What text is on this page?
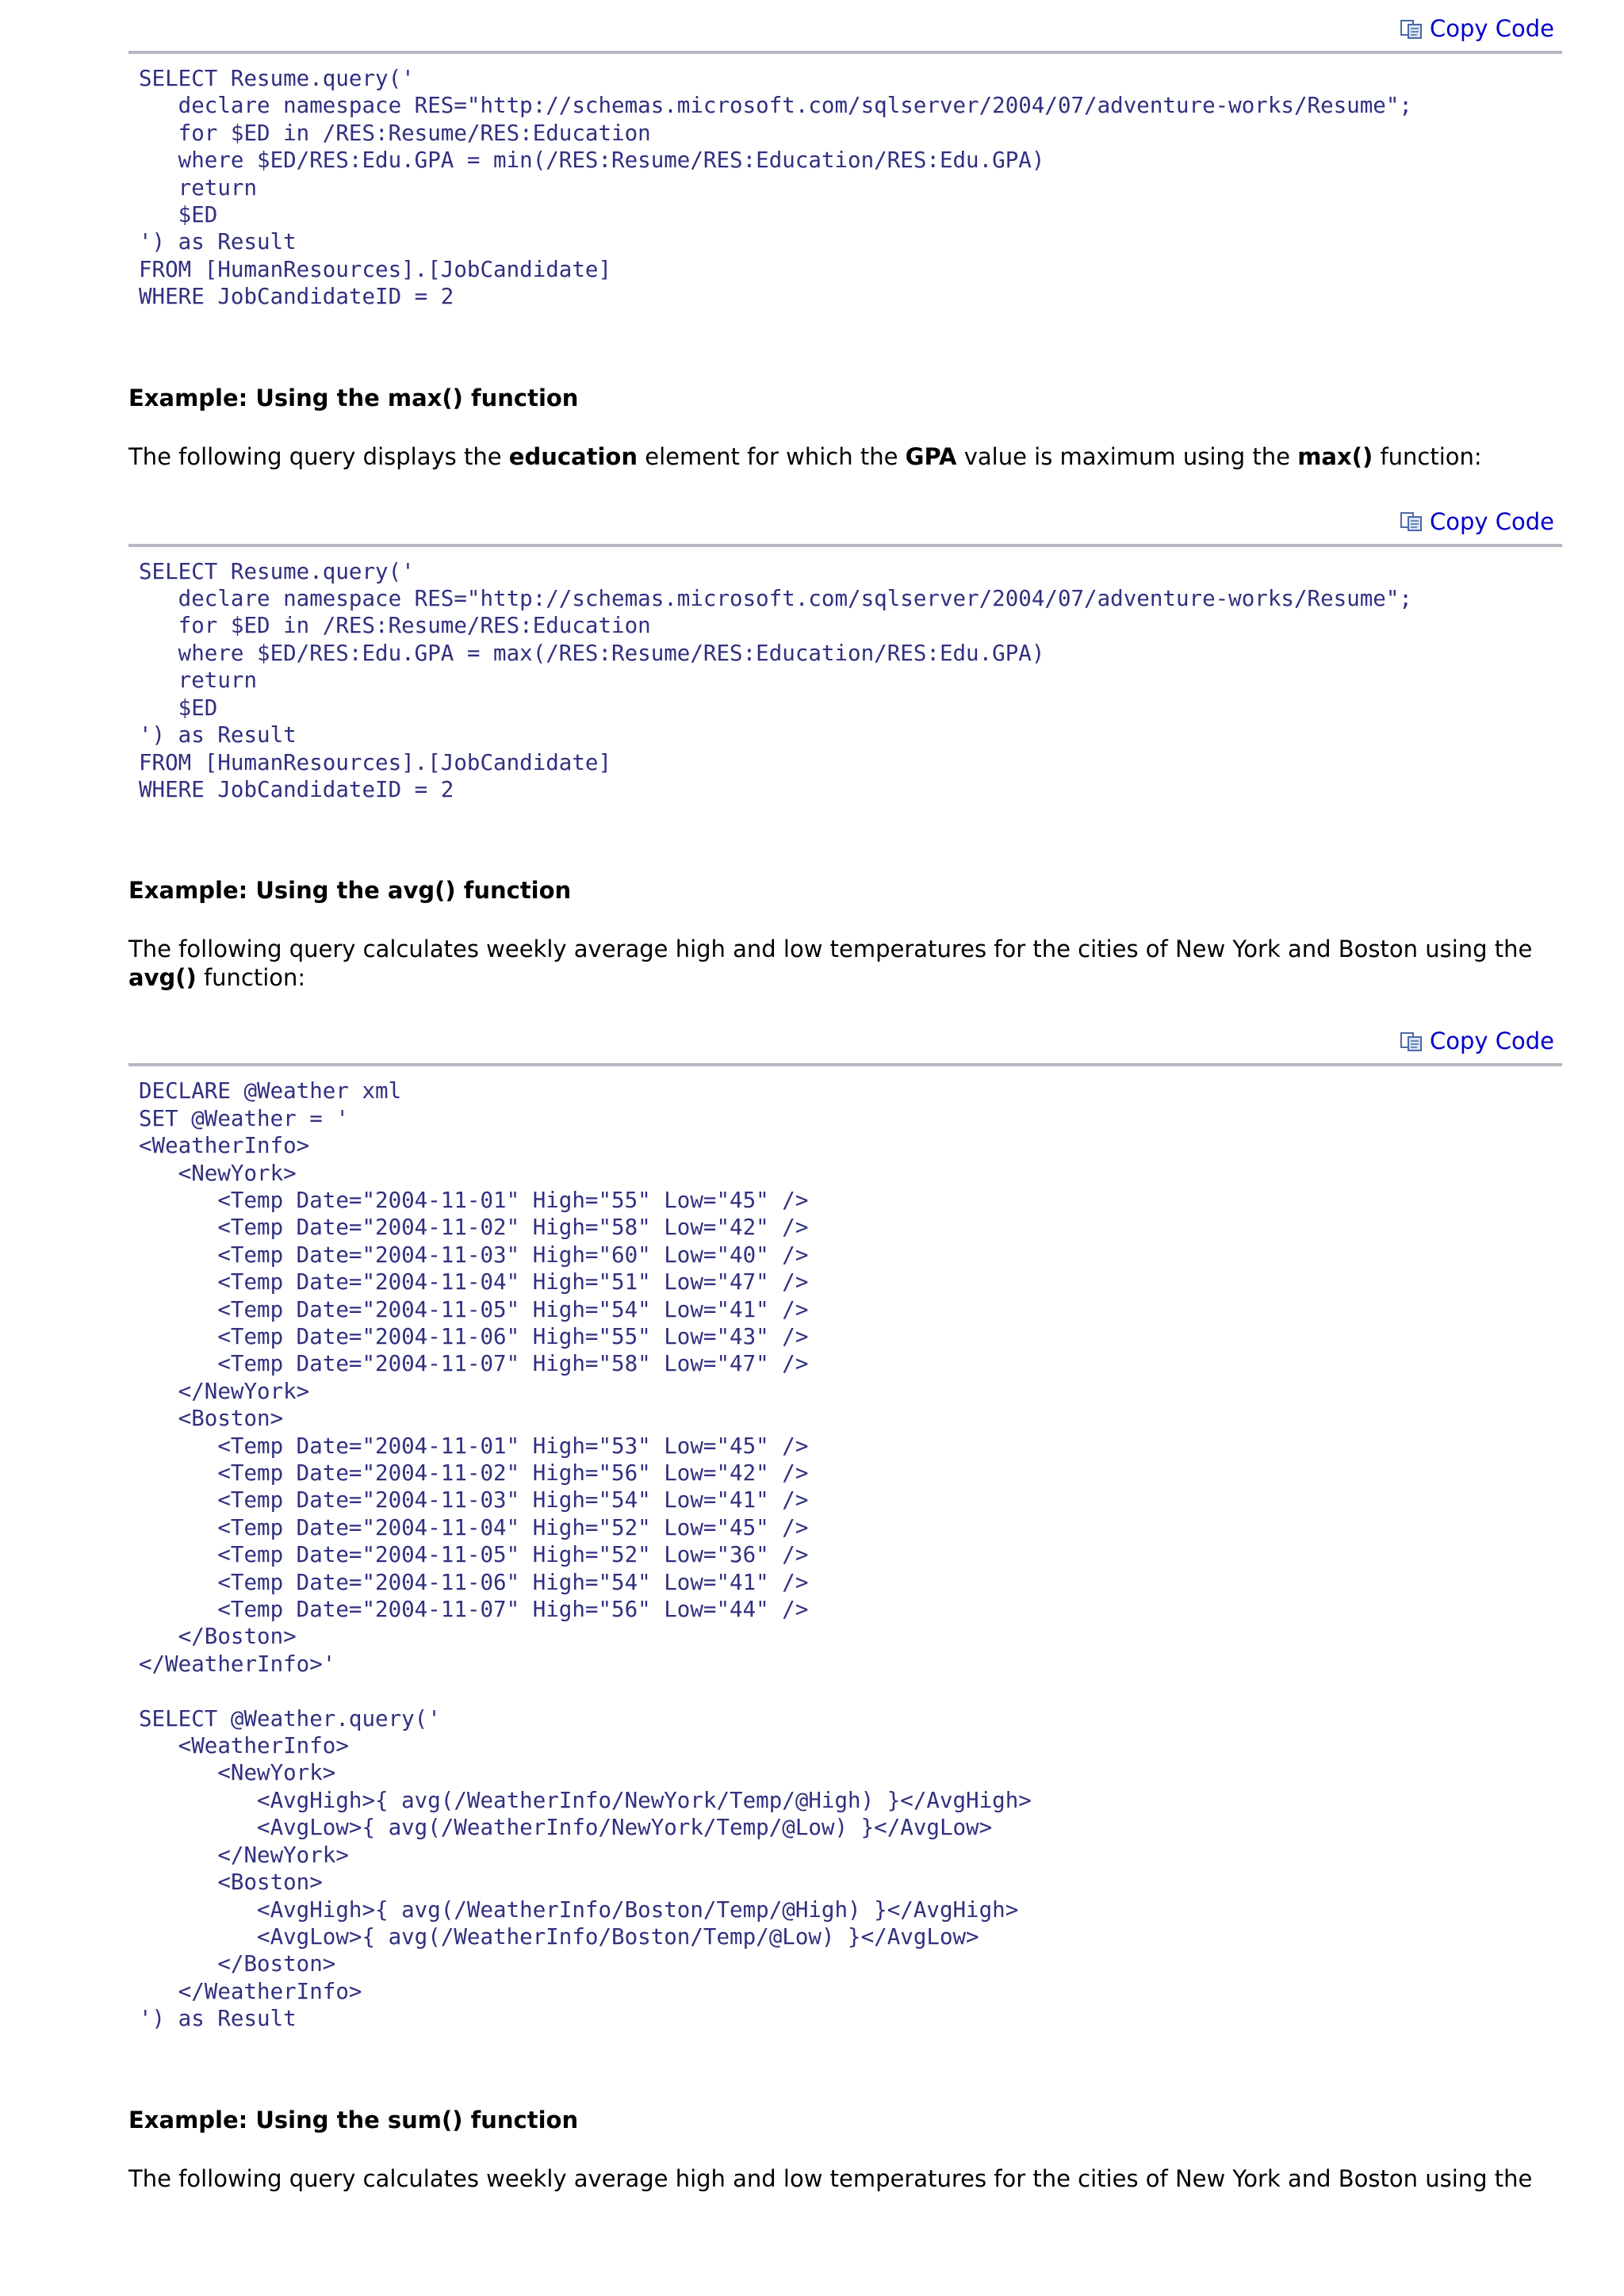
Copy Code
SELECT Resume.query('
declare namespace RES="http://schemas.microsoft.com/sqlserver/2004/07/adventure-works/Resume";
for $ED in /RES:Resume/RES:Education
where $ED/RES:Edu.GPA = min(/RES:Resume/RES:Education/RES:Edu.GPA)
return
$ED
') as Result
FROM [HumanResources].[JobCandidate]
WHERE JobCandidateID = 2
Example: Using the max() function

The following query displays the education element for which the GPA value is maximum using the max() function:

Copy Code
SELECT Resume.query('
declare namespace RES="http://schemas.microsoft.com/sqlserver/2004/07/adventure-works/Resume";
for $ED in /RES:Resume/RES:Education
where $ED/RES:Edu.GPA = max(/RES:Resume/RES:Education/RES:Edu.GPA)
return
$ED
') as Result
FROM [HumanResources].[JobCandidate]
WHERE JobCandidateID = 2
Example: Using the avg() function

The following query calculates weekly average high and low temperatures for the cities of New York and Boston using the avg() function:

Copy Code
DECLARE @Weather xml
SET @Weather = '
<WeatherInfo>
<NewYork>
<Temp Date="2004-11-01" High="55" Low="45" />
<Temp Date="2004-11-02" High="58" Low="42" />
<Temp Date="2004-11-03" High="60" Low="40" />
<Temp Date="2004-11-04" High="51" Low="47" />
<Temp Date="2004-11-05" High="54" Low="41" />
<Temp Date="2004-11-06" High="55" Low="43" />
<Temp Date="2004-11-07" High="58" Low="47" />
</NewYork>
<Boston>
<Temp Date="2004-11-01" High="53" Low="45" />
<Temp Date="2004-11-02" High="56" Low="42" />
<Temp Date="2004-11-03" High="54" Low="41" />
<Temp Date="2004-11-04" High="52" Low="45" />
<Temp Date="2004-11-05" High="52" Low="36" />
<Temp Date="2004-11-06" High="54" Low="41" />
<Temp Date="2004-11-07" High="56" Low="44" />
</Boston>
</WeatherInfo>'

SELECT @Weather.query('
<WeatherInfo>
<NewYork>
<AvgHigh>{ avg(/WeatherInfo/NewYork/Temp/@High) }</AvgHigh>
<AvgLow>{ avg(/WeatherInfo/NewYork/Temp/@Low) }</AvgLow>
</NewYork>
<Boston>
<AvgHigh>{ avg(/WeatherInfo/Boston/Temp/@High) }</AvgHigh>
<AvgLow>{ avg(/WeatherInfo/Boston/Temp/@Low) }</AvgLow>
</Boston>
</WeatherInfo>
') as Result
Example: Using the sum() function

The following query calculates weekly average high and low temperatures for the cities of New York and Boston using the
